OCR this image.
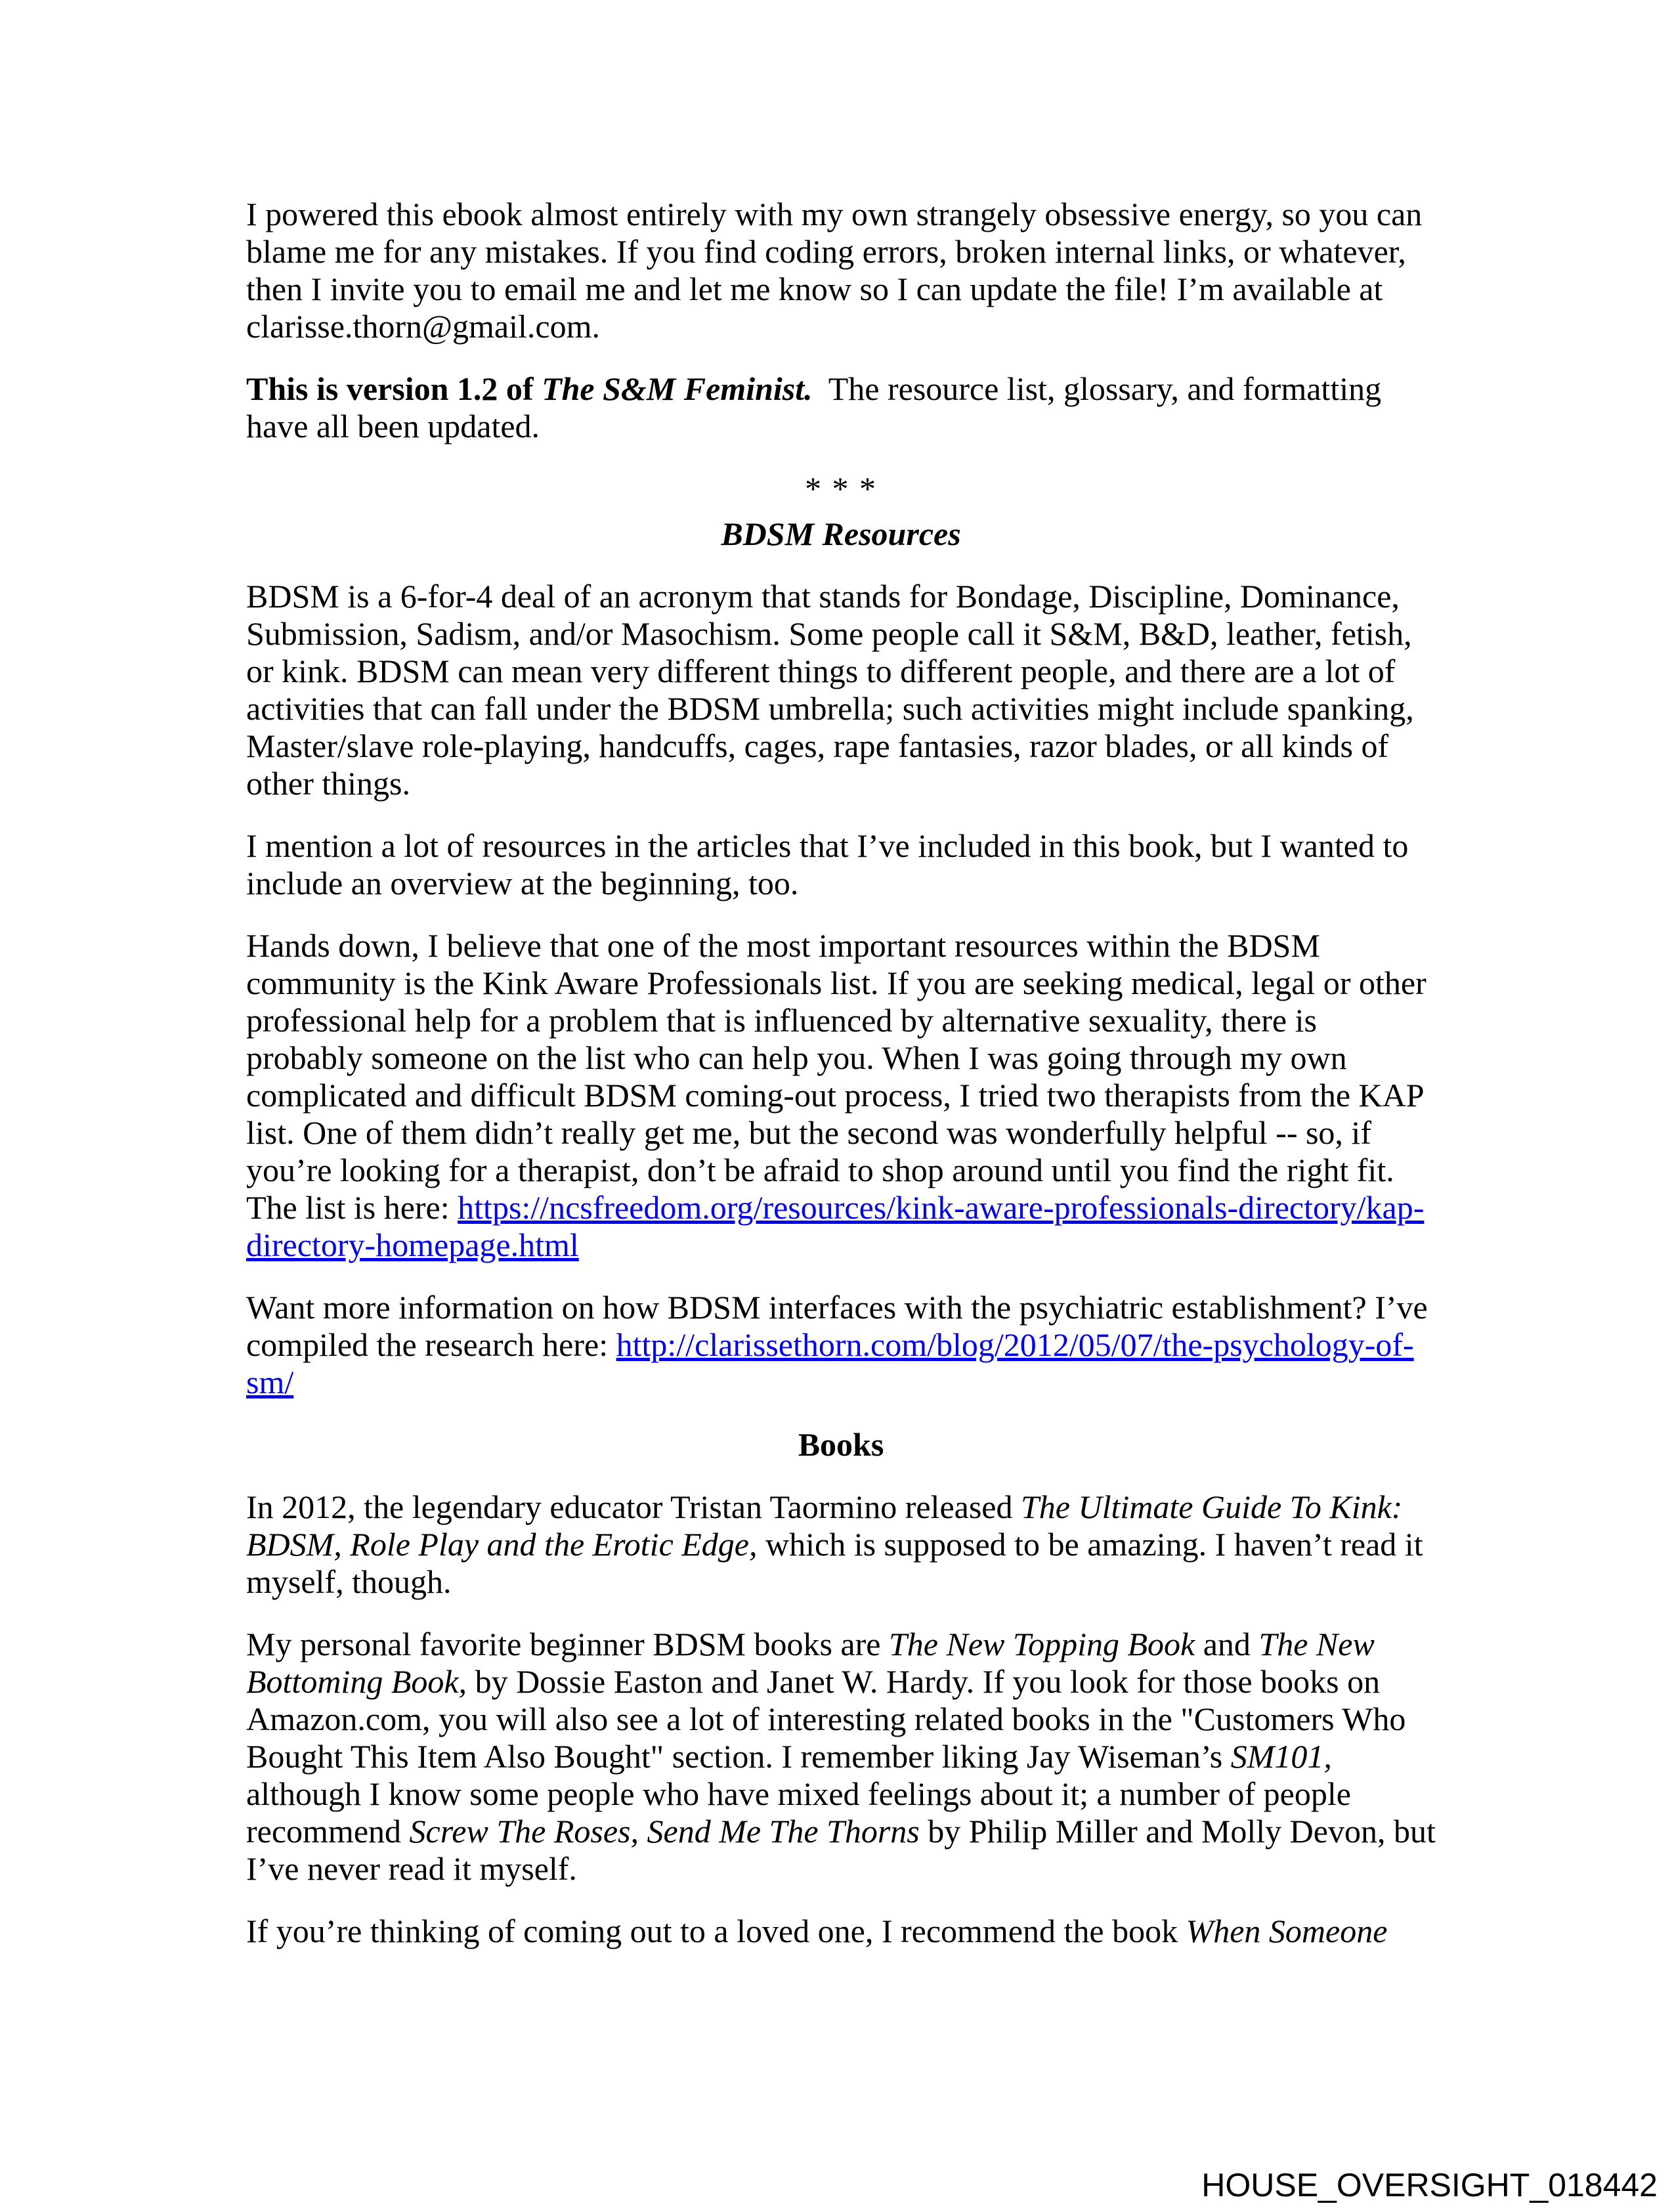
I powered this ebook almost entirely with my own strangely obsessive energy, so you can blame me for any mistakes. If you find coding errors, broken internal links, or whatever, then I invite you to email me and let me know so I can update the file! I’m available at clarisse.thorn@gmail.com.

This is version 1.2 of The S&M Feminist.  The resource list, glossary, and formatting have all been updated.

* * *

BDSM Resources

BDSM is a 6-for-4 deal of an acronym that stands for Bondage, Discipline, Dominance, Submission, Sadism, and/or Masochism. Some people call it S&M, B&D, leather, fetish, or kink. BDSM can mean very different things to different people, and there are a lot of activities that can fall under the BDSM umbrella; such activities might include spanking, Master/slave role-playing, handcuffs, cages, rape fantasies, razor blades, or all kinds of other things.

I mention a lot of resources in the articles that I’ve included in this book, but I wanted to include an overview at the beginning, too.

Hands down, I believe that one of the most important resources within the BDSM community is the Kink Aware Professionals list. If you are seeking medical, legal or other professional help for a problem that is influenced by alternative sexuality, there is probably someone on the list who can help you. When I was going through my own complicated and difficult BDSM coming-out process, I tried two therapists from the KAP list. One of them didn’t really get me, but the second was wonderfully helpful -- so, if you’re looking for a therapist, don’t be afraid to shop around until you find the right fit. The list is here: https://ncsfreedom.org/resources/kink-aware-professionals-directory/kap-directory-homepage.html

Want more information on how BDSM interfaces with the psychiatric establishment? I’ve compiled the research here: http://clarissethorn.com/blog/2012/05/07/the-psychology-of-sm/

Books

In 2012, the legendary educator Tristan Taormino released The Ultimate Guide To Kink: BDSM, Role Play and the Erotic Edge, which is supposed to be amazing. I haven’t read it myself, though.

My personal favorite beginner BDSM books are The New Topping Book and The New Bottoming Book, by Dossie Easton and Janet W. Hardy. If you look for those books on Amazon.com, you will also see a lot of interesting related books in the "Customers Who Bought This Item Also Bought" section. I remember liking Jay Wiseman’s SM101, although I know some people who have mixed feelings about it; a number of people recommend Screw The Roses, Send Me The Thorns by Philip Miller and Molly Devon, but I’ve never read it myself.

If you’re thinking of coming out to a loved one, I recommend the book When Someone

HOUSE_OVERSIGHT_018442
